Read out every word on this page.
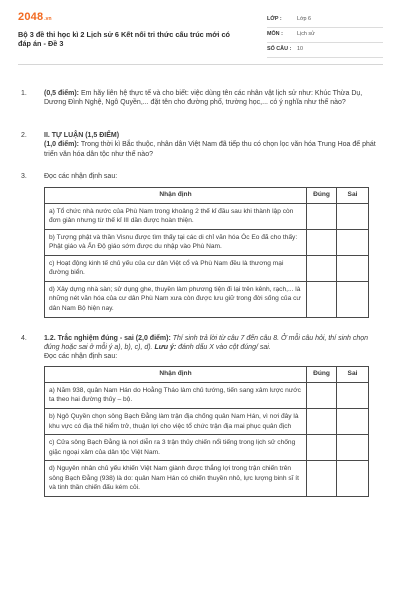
2048 .vn
Bộ 3 đề thi học kì 2 Lịch sử 6 Kết nối tri thức cấu trúc mới có đáp án - Đề 3
LỚP :	Lớp 6
MÔN :	Lịch sử
SỐ CÂU :	10
1.	(0,5 điểm): Em hãy liên hệ thực tế và cho biết: việc dùng tên các nhân vật lịch sử như: Khúc Thừa Dụ, Dương Đình Nghệ, Ngô Quyền,... đặt tên cho đường phố, trường học,... có ý nghĩa như thế nào?
2.	II. TỰ LUẬN (1,5 ĐIỂM)
(1,0 điểm): Trong thời kì Bắc thuộc, nhân dân Việt Nam đã tiếp thu có chọn lọc văn hóa Trung Hoa để phát triển văn hóa dân tộc như thế nào?
3.	Đọc các nhận định sau:
Nhận định	Đúng	Sai
a) Tổ chức nhà nước của Phù Nam trong khoảng 2 thế kỉ đầu sau khi thành lập còn đơn giản nhưng từ thế kỉ III dần được hoàn thiện.		
b) Tượng phật và thần Visnu được tìm thấy tại các di chỉ văn hóa Óc Eo đã cho thấy: Phật giáo và Ấn Độ giáo sớm được du nhập vào Phù Nam.		
c) Hoạt động kinh tế chủ yếu của cư dân Việt cổ và Phù Nam đều là thương mại đường biển.		
d) Xây dựng nhà sàn; sử dụng ghe, thuyền làm phương tiện đi lại trên kênh, rạch,... là những nét văn hóa của cư dân Phù Nam xưa còn được lưu giữ trong đời sống của cư dân Nam Bộ hiện nay.		
4.	1.2. Trắc nghiệm đúng - sai (2,0 điểm): Thí sinh trả lời từ câu 7 đến câu 8. Ở mỗi câu hỏi, thí sinh chọn đúng hoặc sai ở mỗi ý a), b), c), d). Lưu ý: đánh dấu X vào cột đúng/ sai.
Đọc các nhận định sau:
Nhận định	Đúng	Sai
a) Năm 938, quân Nam Hán do Hoằng Tháo làm chủ tướng, tiến sang xâm lược nước ta theo hai đường thủy – bộ.		
b) Ngô Quyền chọn sông Bạch Đằng làm trận địa chống quân Nam Hán, vì nơi đây là khu vực có địa thế hiểm trở, thuận lợi cho việc tổ chức trận địa mai phục quân địch		
c) Cửa sông Bạch Đằng là nơi diễn ra 3 trận thủy chiến nổi tiếng trong lịch sử chống giặc ngoại xâm của dân tộc Việt Nam.		
d) Nguyên nhân chủ yếu khiến Việt Nam giành được thắng lợi trong trận chiến trên sông Bạch Đằng (938) là do: quân Nam Hán có chiến thuyền nhỏ, lực lượng binh sĩ ít và tinh thần chiến đấu kém cỏi.		
